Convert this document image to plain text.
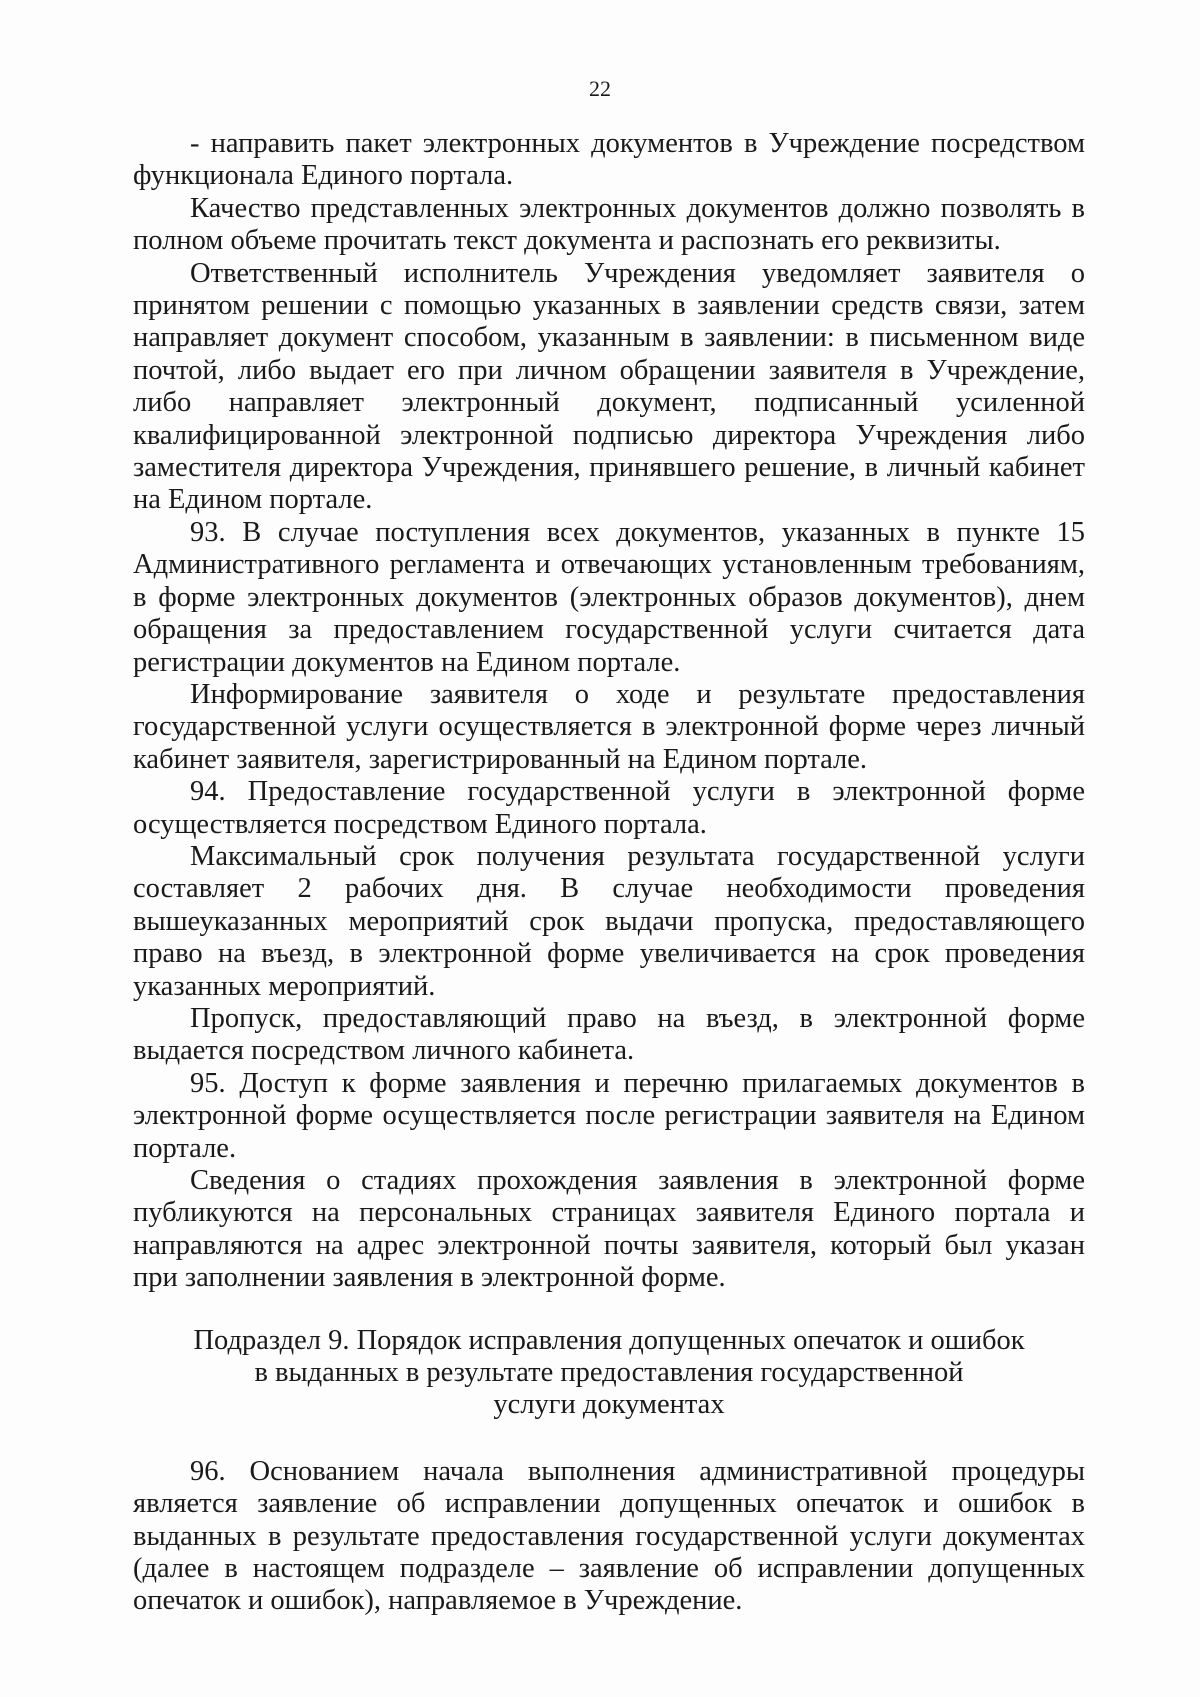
22

- направить пакет электронных документов в Учреждение посредством функционала Единого портала.

Качество представленных электронных документов должно позволять в полном объеме прочитать текст документа и распознать его реквизиты.

Ответственный исполнитель Учреждения уведомляет заявителя о принятом решении с помощью указанных в заявлении средств связи, затем направляет документ способом, указанным в заявлении: в письменном виде почтой, либо выдает его при личном обращении заявителя в Учреждение, либо направляет электронный документ, подписанный усиленной квалифицированной электронной подписью директора Учреждения либо заместителя директора Учреждения, принявшего решение, в личный кабинет на Едином портале.

93. В случае поступления всех документов, указанных в пункте 15 Административного регламента и отвечающих установленным требованиям, в форме электронных документов (электронных образов документов), днем обращения за предоставлением государственной услуги считается дата регистрации документов на Едином портале.

Информирование заявителя о ходе и результате предоставления государственной услуги осуществляется в электронной форме через личный кабинет заявителя, зарегистрированный на Едином портале.

94. Предоставление государственной услуги в электронной форме осуществляется посредством Единого портала.

Максимальный срок получения результата государственной услуги составляет 2 рабочих дня. В случае необходимости проведения вышеуказанных мероприятий срок выдачи пропуска, предоставляющего право на въезд, в электронной форме увеличивается на срок проведения указанных мероприятий.

Пропуск, предоставляющий право на въезд, в электронной форме выдается посредством личного кабинета.

95. Доступ к форме заявления и перечню прилагаемых документов в электронной форме осуществляется после регистрации заявителя на Едином портале.

Сведения о стадиях прохождения заявления в электронной форме публикуются на персональных страницах заявителя Единого портала и направляются на адрес электронной почты заявителя, который был указан при заполнении заявления в электронной форме.

Подраздел 9. Порядок исправления допущенных опечаток и ошибок
в выданных в результате предоставления государственной
услуги документах

96. Основанием начала выполнения административной процедуры является заявление об исправлении допущенных опечаток и ошибок в выданных в результате предоставления государственной услуги документах (далее в настоящем подразделе – заявление об исправлении допущенных опечаток и ошибок), направляемое в Учреждение.
